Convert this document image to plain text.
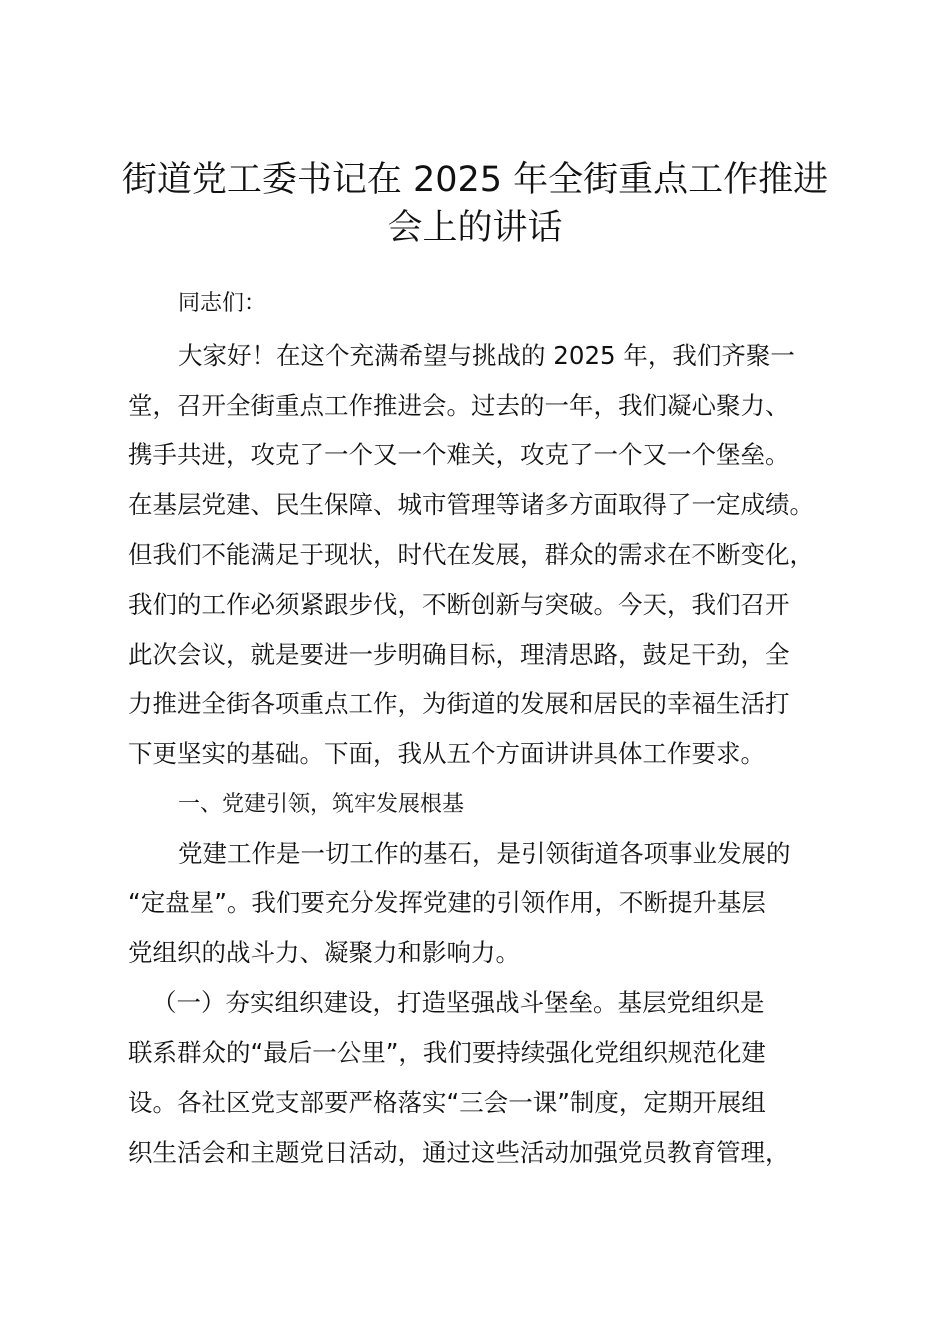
街道党工委书记在 2025 年全街重点工作推进
会上的讲话

同志们：

大家好！在这个充满希望与挑战的 2025 年，我们齐聚一

堂，召开全街重点工作推进会。过去的一年，我们凝心聚力、

携手共进，攻克了一个又一个难关，攻克了一个又一个堡垒。

在基层党建、民生保障、城市管理等诸多方面取得了一定成绩。

但我们不能满足于现状，时代在发展，群众的需求在不断变化，

我们的工作必须紧跟步伐，不断创新与突破。今天，我们召开

此次会议，就是要进一步明确目标，理清思路，鼓足干劲，全

力推进全街各项重点工作，为街道的发展和居民的幸福生活打

下更坚实的基础。下面，我从五个方面讲讲具体工作要求。

一、党建引领，筑牢发展根基

党建工作是一切工作的基石，是引领街道各项事业发展的

“定盘星”。我们要充分发挥党建的引领作用，不断提升基层

党组织的战斗力、凝聚力和影响力。

（一）夯实组织建设，打造坚强战斗堡垒。基层党组织是

联系群众的“最后一公里”，我们要持续强化党组织规范化建

设。各社区党支部要严格落实“三会一课”制度，定期开展组

织生活会和主题党日活动，通过这些活动加强党员教育管理，
